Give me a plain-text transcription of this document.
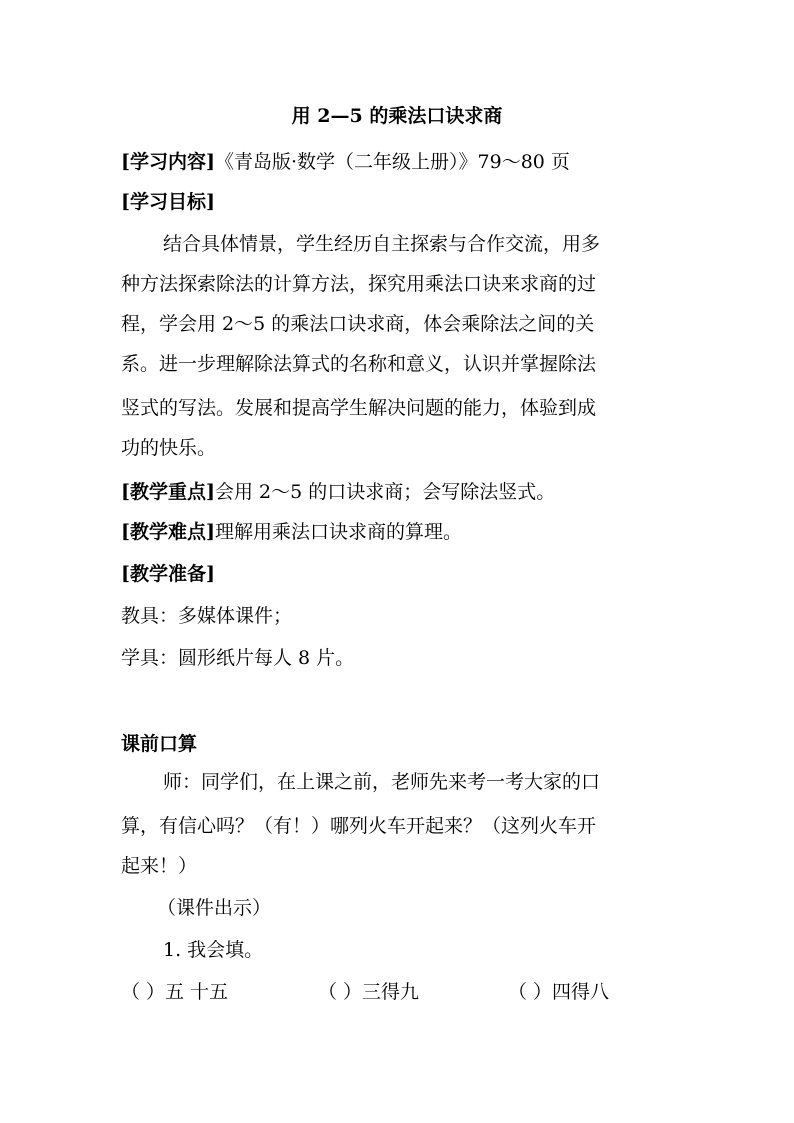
用 2—5 的乘法口诀求商
[学习内容]《青岛版·数学（二年级上册）》79～80 页
[学习目标]
结合具体情景，学生经历自主探索与合作交流，用多
种方法探索除法的计算方法，探究用乘法口诀来求商的过
程，学会用 2～5 的乘法口诀求商，体会乘除法之间的关
系。进一步理解除法算式的名称和意义，认识并掌握除法
竖式的写法。发展和提高学生解决问题的能力，体验到成
功的快乐。
[教学重点]会用 2～5 的口诀求商；会写除法竖式。
[教学难点]理解用乘法口诀求商的算理。
[教学准备]
教具：多媒体课件；
学具：圆形纸片每人 8 片。
课前口算
师：同学们，在上课之前，老师先来考一考大家的口
算，有信心吗？（有！）哪列火车开起来？（这列火车开
起来！）
（课件出示）
1. 我会填。
（ ）五 十五	（ ）三得九	（ ）四得八
